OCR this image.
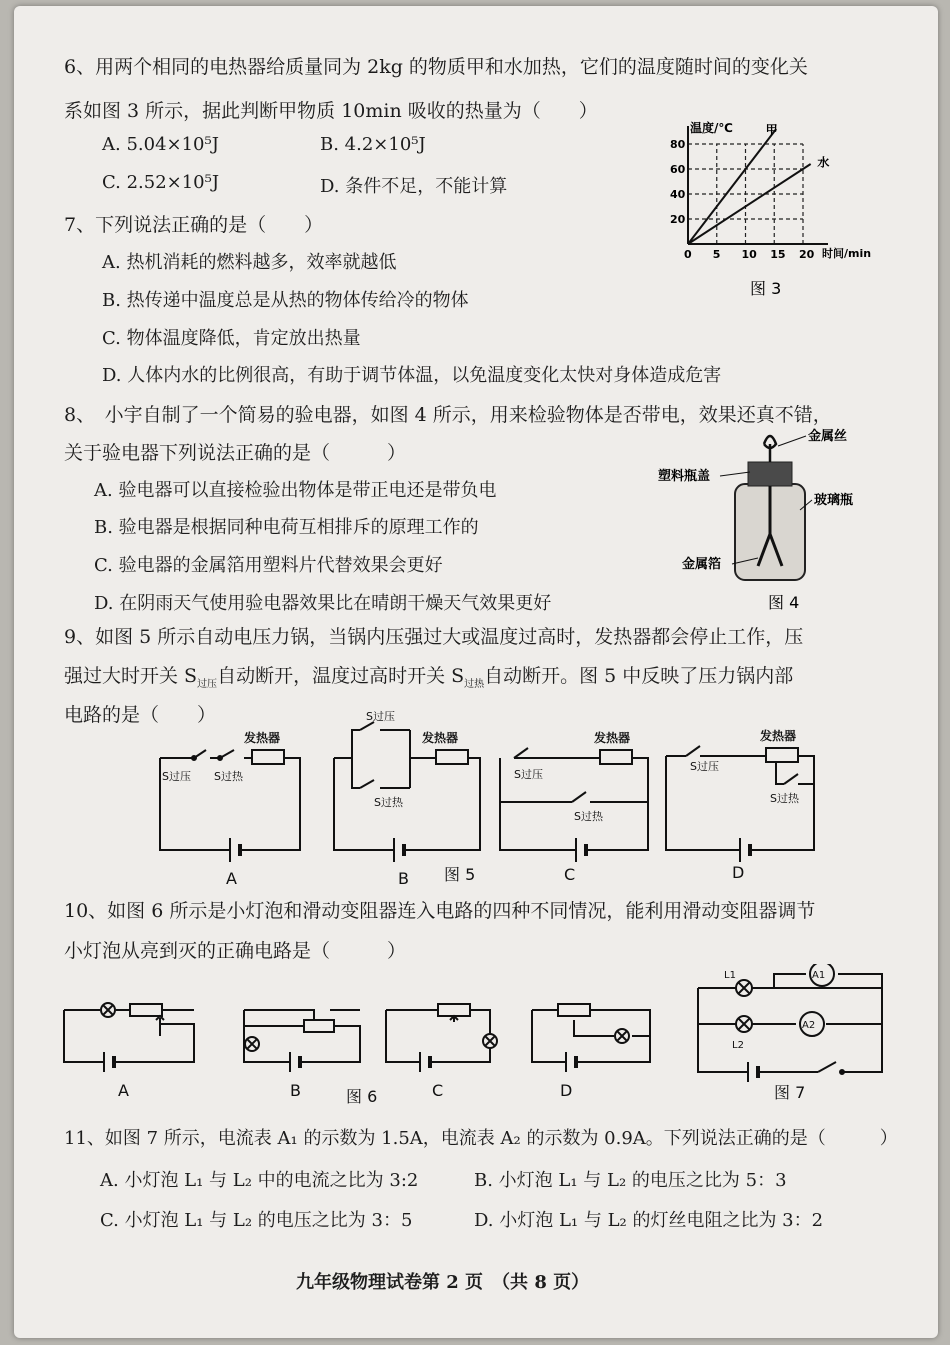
6、用两个相同的电热器给质量同为 2kg 的物质甲和水加热，它们的温度随时间的变化关
系如图 3 所示，据此判断甲物质 10min 吸收的热量为（　　）
A. 5.04×10⁵J	B. 4.2×10⁵J
C. 2.52×10⁵J	D. 条件不足，不能计算
甲
水
0 5 10 15 20
20
40
60
80
温度/℃
时间/min
图 3
7、下列说法正确的是（　　）
A. 热机消耗的燃料越多，效率就越低
B. 热传递中温度总是从热的物体传给冷的物体
C. 物体温度降低，肯定放出热量
D. 人体内水的比例很高，有助于调节体温，以免温度变化太快对身体造成危害
8、　小宇自制了一个简易的验电器，如图 4 所示，用来检验物体是否带电，效果还真不错，
关于验电器下列说法正确的是（　　　）
A. 验电器可以直接检验出物体是带正电还是带负电
B. 验电器是根据同种电荷互相排斥的原理工作的
C. 验电器的金属箔用塑料片代替效果会更好
D. 在阴雨天气使用验电器效果比在晴朗干燥天气效果更好
金属丝
塑料瓶盖
玻璃瓶
金属箔
图 4
9、如图 5 所示自动电压力锅，当锅内压强过大或温度过高时，发热器都会停止工作，压
强过大时开关 $S_{过压}$自动断开，温度过高时开关 $S_{过热}$自动断开。图 5 中反映了压力锅内部
电路的是（　　）
发热器
S过压 S过热
A
发热器
S过压
S过热
B 图 5
发热器
S过压
S过热
C
发热器
S过压
S过热
D
10、如图 6 所示是小灯泡和滑动变阻器连入电路的四种不同情况，能利用滑动变阻器调节
小灯泡从亮到灭的正确电路是（　　　）
A	B	图 6	C	D
A1
A2
L1
L2
图 7
11、如图 7 所示，电流表 A₁ 的示数为 1.5A，电流表 A₂ 的示数为 0.9A。下列说法正确的是（　　　）
A. 小灯泡 L₁ 与 L₂ 中的电流之比为 3:2	B. 小灯泡 L₁ 与 L₂ 的电压之比为 5：3
C. 小灯泡 L₁ 与 L₂ 的电压之比为 3：5	D. 小灯泡 L₁ 与 L₂ 的灯丝电阻之比为 3：2
九年级物理试卷第 2 页　（共 8 页）
